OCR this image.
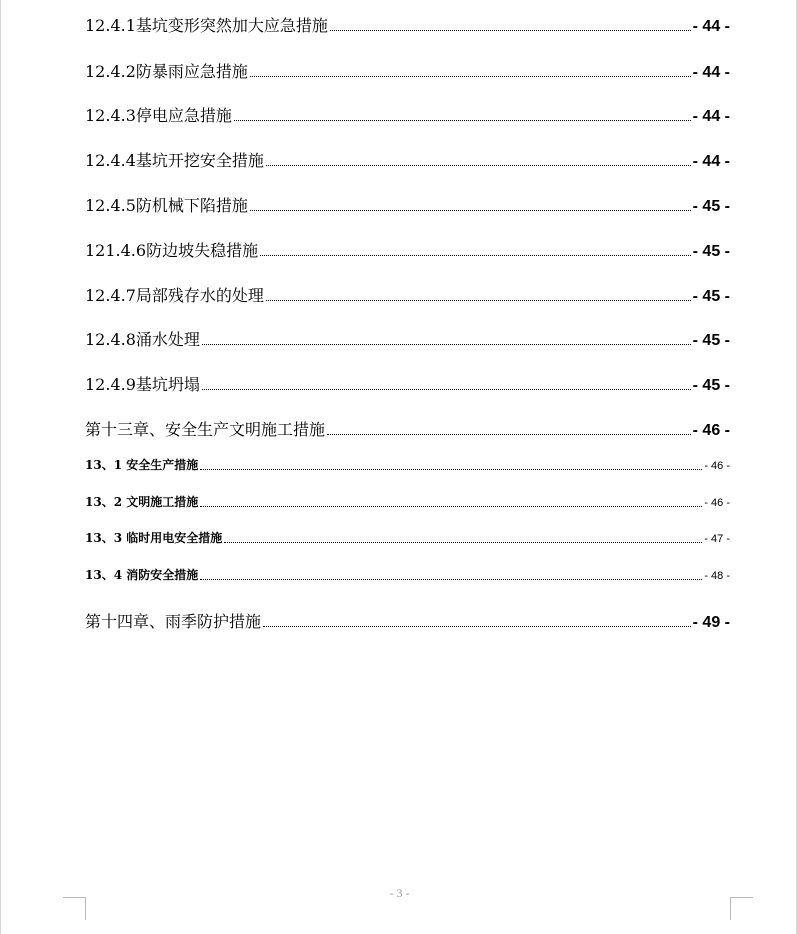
12.4.1基坑变形突然加大应急措施	- 44 -
12.4.2防暴雨应急措施	- 44 -
12.4.3停电应急措施	- 44 -
12.4.4基坑开挖安全措施	- 44 -
12.4.5防机械下陷措施	- 45 -
121.4.6防边坡失稳措施	- 45 -
12.4.7局部残存水的处理	- 45 -
12.4.8涌水处理	- 45 -
12.4.9基坑坍塌	- 45 -
第十三章、安全生产文明施工措施	- 46 -
13、1 安全生产措施	- 46 -
13、2 文明施工措施	- 46 -
13、3 临时用电安全措施	- 47 -
13、4 消防安全措施	- 48 -
第十四章、雨季防护措施	- 49 -
- 3 -
